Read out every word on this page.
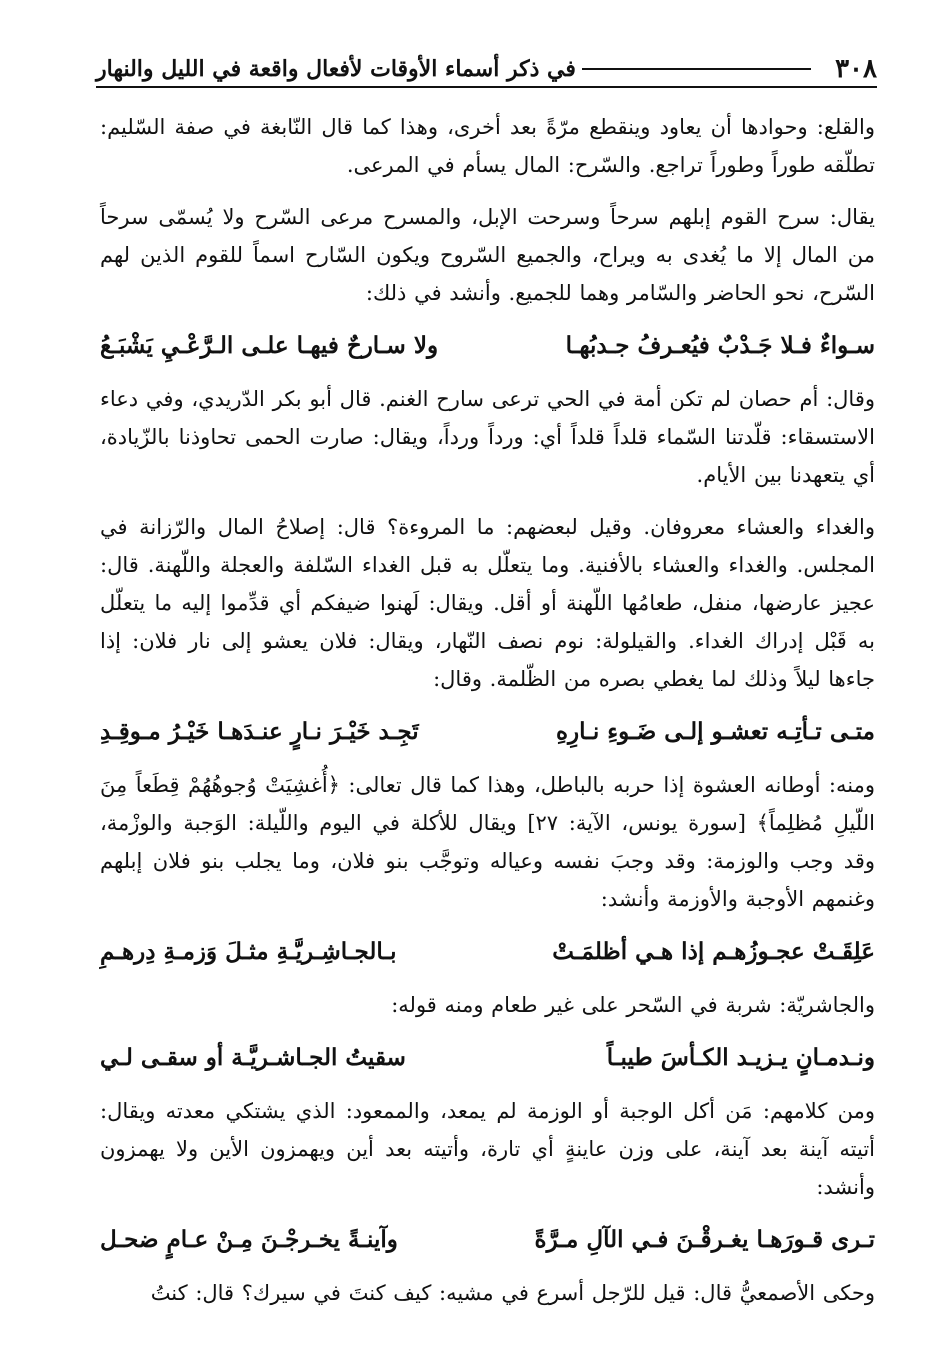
٣٠٨
في ذكر أسماء الأوقات لأفعال واقعة في الليل والنهار

والقلع: وحوادها أن يعاود وينقطع مرّةً بعد أخرى، وهذا كما قال النّابغة في صفة السّليم: تطلّقه طوراً وطوراً تراجع. والسّرح: المال يسأم في المرعى.

يقال: سرح القوم إبلهم سرحاً وسرحت الإبل، والمسرح مرعى السّرح ولا يُسمّى سرحاً من المال إلا ما يُغدى به ويراح، والجميع السّروح ويكون السّارح اسماً للقوم الذين لهم السّرح، نحو الحاضر والسّامر وهما للجميع. وأنشد في ذلك:

سـواءٌ فـلا جَـدْبٌ فيُعـرفُ جـدبُهـا
ولا سـارحٌ فيهـا علـى الـرَّعْـيِ يَشْبَـعُ

وقال: أم حصان لم تكن أمة في الحي ترعى سارح الغنم. قال أبو بكر الدّريدي، وفي دعاء الاستسقاء: قلّدتنا السّماء قلداً قلداً أي: ورداً ورداً، ويقال: صارت الحمى تحاوذنا بالزّيادة، أي يتعهدنا بين الأيام.

والغداء والعشاء معروفان. وقيل لبعضهم: ما المروءة؟ قال: إصلاحُ المال والرّزانة في المجلس. والغداء والعشاء بالأفنية. وما يتعلّل به قبل الغداء السّلفة والعجلة واللّهنة. قال: عجيز عارضها، منفل، طعامُها اللّهنة أو أقل. ويقال: لَهنوا ضيفكم أي قدِّموا إليه ما يتعلّل به قَبْل إدراك الغداء. والقيلولة: نوم نصف النّهار، ويقال: فلان يعشو إلى نار فلان: إذا جاءها ليلاً وذلك لما يغطي بصره من الظّلمة. وقال:

متـى تـأتِـه تعشـو إلـى ضَـوءِ نـارِهِ
تَجِـد خَيْـرَ نـارٍ عنـدَهـا خَيْـرُ مـوقِـدِ

ومنه: أوطانه العشوة إذا حربه بالباطل، وهذا كما قال تعالى: ﴿أُغشِيَتْ وُجوهُهُمْ قِطَعاً مِنَ اللّيلِ مُظلِماً﴾ [سورة يونس، الآية: ٢٧] ويقال للأكلة في اليوم واللّيلة: الوَجبة والوزْمة، وقد وجب والوزمة: وقد وجبَ نفسه وعياله وتوجَّب بنو فلان، وما يجلب بنو فلان إبلهم وغنمهم الأوجبة والأوزمة وأنشد:

عَلِقَـتْ عجـوزُهـم إذا هـي أظلمَـتْ
بـالجـاشِـريَّـةِ مثـلَ وَزمـةِ دِرهـمِ

والجاشريّة: شربة في السّحر على غير طعام ومنه قوله:

ونـدمـانٍ يـزيـد الكـأسَ طيبـاً
سقيتُ الجـاشـريَّـة أو سقـى لـي

ومن كلامهم: مَن أكل الوجبة أو الوزمة لم يمعد، والممعود: الذي يشتكي معدته ويقال: أتيته آينة بعد آينة، على وزن عاينةٍ أي تارة، وأتيته بعد أين ويهمزون الأين ولا يهمزون وأنشد:

تـرى قـورَهـا يغـرقْـنَ فـي الآلِ مـرَّةً
وآينـةً يخـرجْـنَ مِـنْ عـامٍ ضحـل

وحكى الأصمعيُّ قال: قيل للرّجل أسرع في مشيه: كيف كنتَ في سيرك؟ قال: كنتُ
